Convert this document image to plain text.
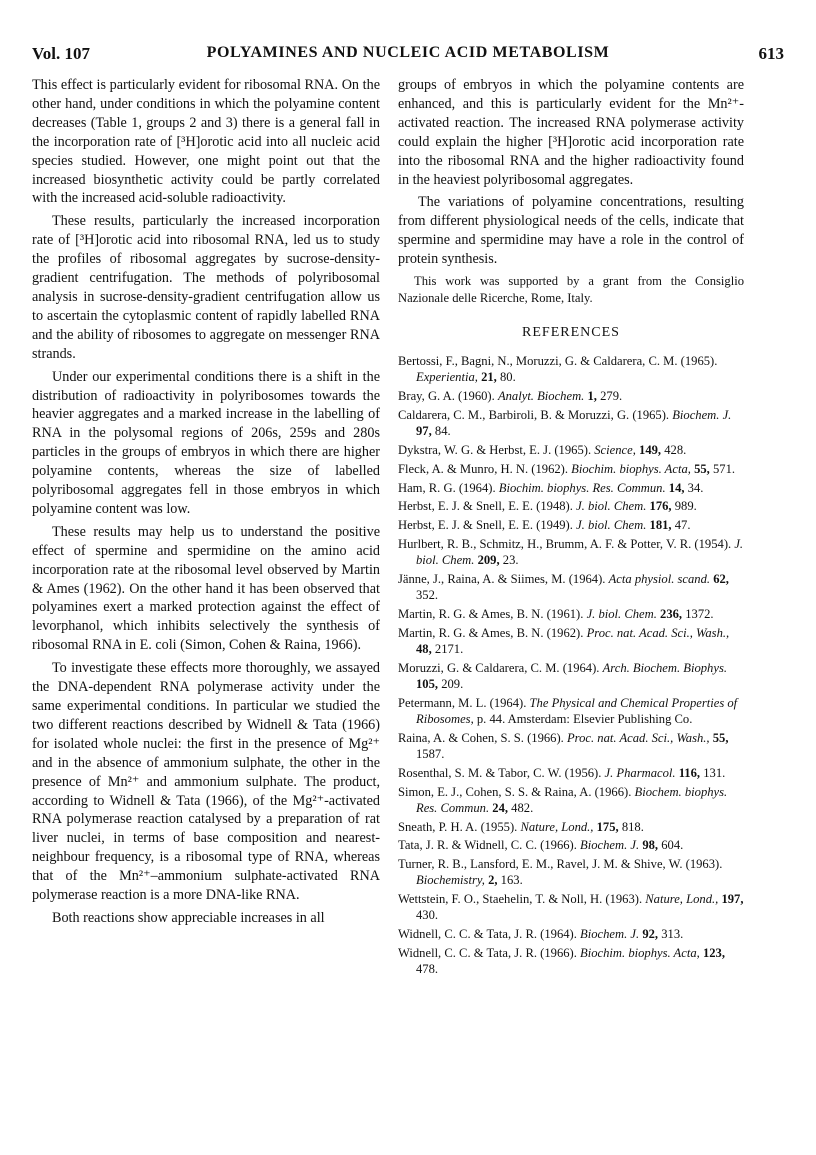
Vol. 107	POLYAMINES AND NUCLEIC ACID METABOLISM	613

This effect is particularly evident for ribosomal RNA. On the other hand, under conditions in which the polyamine content decreases (Table 1, groups 2 and 3) there is a general fall in the incorporation rate of [³H]orotic acid into all nucleic acid species studied. However, one might point out that the increased biosynthetic activity could be partly correlated with the increased acid-soluble radioactivity.

These results, particularly the increased incorporation rate of [³H]orotic acid into ribosomal RNA, led us to study the profiles of ribosomal aggregates by sucrose-density-gradient centrifugation. The methods of polyribosomal analysis in sucrose-density-gradient centrifugation allow us to ascertain the cytoplasmic content of rapidly labelled RNA and the ability of ribosomes to aggregate on messenger RNA strands.

Under our experimental conditions there is a shift in the distribution of radioactivity in polyribosomes towards the heavier aggregates and a marked increase in the labelling of RNA in the polysomal regions of 206s, 259s and 280s particles in the groups of embryos in which there are higher polyamine contents, whereas the size of labelled polyribosomal aggregates fell in those embryos in which polyamine content was low.

These results may help us to understand the positive effect of spermine and spermidine on the amino acid incorporation rate at the ribosomal level observed by Martin & Ames (1962). On the other hand it has been observed that polyamines exert a marked protection against the effect of levorphanol, which inhibits selectively the synthesis of ribosomal RNA in E. coli (Simon, Cohen & Raina, 1966).

To investigate these effects more thoroughly, we assayed the DNA-dependent RNA polymerase activity under the same experimental conditions. In particular we studied the two different reactions described by Widnell & Tata (1966) for isolated whole nuclei: the first in the presence of Mg²⁺ and in the absence of ammonium sulphate, the other in the presence of Mn²⁺ and ammonium sulphate. The product, according to Widnell & Tata (1966), of the Mg²⁺-activated RNA polymerase reaction catalysed by a preparation of rat liver nuclei, in terms of base composition and nearest-neighbour frequency, is a ribosomal type of RNA, whereas that of the Mn²⁺–ammonium sulphate-activated RNA polymerase reaction is a more DNA-like RNA.

Both reactions show appreciable increases in all

groups of embryos in which the polyamine contents are enhanced, and this is particularly evident for the Mn²⁺-activated reaction. The increased RNA polymerase activity could explain the higher [³H]orotic acid incorporation rate into the ribosomal RNA and the higher radioactivity found in the heaviest polyribosomal aggregates.

The variations of polyamine concentrations, resulting from different physiological needs of the cells, indicate that spermine and spermidine may have a role in the control of protein synthesis.

This work was supported by a grant from the Consiglio Nazionale delle Ricerche, Rome, Italy.

REFERENCES

Bertossi, F., Bagni, N., Moruzzi, G. & Caldarera, C. M. (1965). Experientia, 21, 80.

Bray, G. A. (1960). Analyt. Biochem. 1, 279.

Caldarera, C. M., Barbiroli, B. & Moruzzi, G. (1965). Biochem. J. 97, 84.

Dykstra, W. G. & Herbst, E. J. (1965). Science, 149, 428.

Fleck, A. & Munro, H. N. (1962). Biochim. biophys. Acta, 55, 571.

Ham, R. G. (1964). Biochim. biophys. Res. Commun. 14, 34.

Herbst, E. J. & Snell, E. E. (1948). J. biol. Chem. 176, 989.

Herbst, E. J. & Snell, E. E. (1949). J. biol. Chem. 181, 47.

Hurlbert, R. B., Schmitz, H., Brumm, A. F. & Potter, V. R. (1954). J. biol. Chem. 209, 23.

Jänne, J., Raina, A. & Siimes, M. (1964). Acta physiol. scand. 62, 352.

Martin, R. G. & Ames, B. N. (1961). J. biol. Chem. 236, 1372.

Martin, R. G. & Ames, B. N. (1962). Proc. nat. Acad. Sci., Wash., 48, 2171.

Moruzzi, G. & Caldarera, C. M. (1964). Arch. Biochem. Biophys. 105, 209.

Petermann, M. L. (1964). The Physical and Chemical Properties of Ribosomes, p. 44. Amsterdam: Elsevier Publishing Co.

Raina, A. & Cohen, S. S. (1966). Proc. nat. Acad. Sci., Wash., 55, 1587.

Rosenthal, S. M. & Tabor, C. W. (1956). J. Pharmacol. 116, 131.

Simon, E. J., Cohen, S. S. & Raina, A. (1966). Biochem. biophys. Res. Commun. 24, 482.

Sneath, P. H. A. (1955). Nature, Lond., 175, 818.

Tata, J. R. & Widnell, C. C. (1966). Biochem. J. 98, 604.

Turner, R. B., Lansford, E. M., Ravel, J. M. & Shive, W. (1963). Biochemistry, 2, 163.

Wettstein, F. O., Staehelin, T. & Noll, H. (1963). Nature, Lond., 197, 430.

Widnell, C. C. & Tata, J. R. (1964). Biochem. J. 92, 313.

Widnell, C. C. & Tata, J. R. (1966). Biochim. biophys. Acta, 123, 478.
